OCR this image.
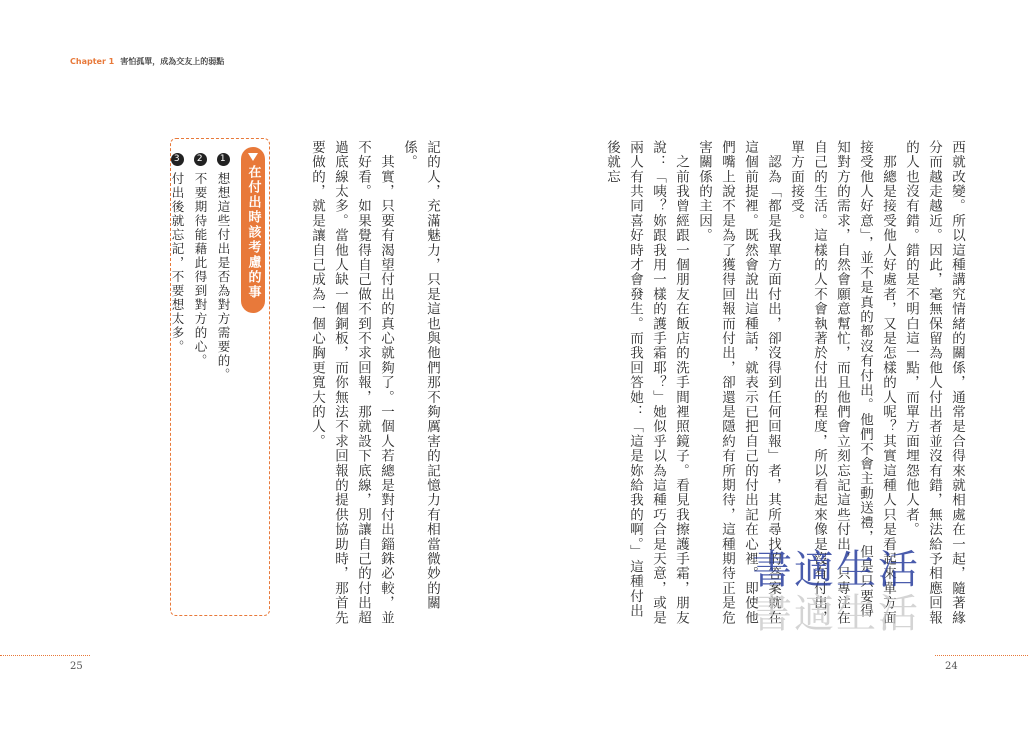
Chapter 1 害怕孤單，成為交友上的弱點

西就改變。所以這種講究情緒的關係，通常是合得來就相處在一起，隨著緣分而越走越近。因此，毫無保留為他人付出者並沒有錯，無法給予相應回報的人也沒有錯。錯的是不明白這一點，而單方面埋怨他人者。

　那總是接受他人好處者，又是怎樣的人呢？其實這種人只是看起來單方面接受他人好意」，並不是真的都沒有付出。他們不會主動送禮，但是只要得知對方的需求，自然會願意幫忙，而且他們會立刻忘記這些付出，只專注在自己的生活。這樣的人不會執著於付出的程度，所以看起來像是沒有付出，單方面接受。

　認為「都是我單方面付出，卻沒得到任何回報」者，其所尋找的答案就在這個前提裡。既然會說出這種話，就表示已把自己的付出記在心裡。即使他們嘴上說不是為了獲得回報而付出，卻還是隱約有所期待，這種期待正是危害關係的主因。

　之前我曾經跟一個朋友在飯店的洗手間裡照鏡子。看見我擦護手霜，朋友說：「咦？妳跟我用一樣的護手霜耶？」她似乎以為這種巧合是天意，或是兩人有共同喜好時才會發生。而我回答她：「這是妳給我的啊。」這種付出後就忘

記的人，充滿魅力，只是這也與他們那不夠厲害的記憶力有相當微妙的關係。

　其實，只要有渴望付出的真心就夠了。一個人若總是對付出錙銖必較，並不好看。如果覺得自己做不到不求回報，那就設下底線，別讓自己的付出超過底線太多。當他人缺一個銅板，而你無法不求回報的提供協助時，那首先要做的，就是讓自己成為一個心胸更寬大的人。

在付出時該考慮的事

1
想想這些付出是否為對方需要的。

2
不要期待能藉此得到對方的心。

3
付出後就忘記，不要想太多。

書適生活
書適生活
25	24
